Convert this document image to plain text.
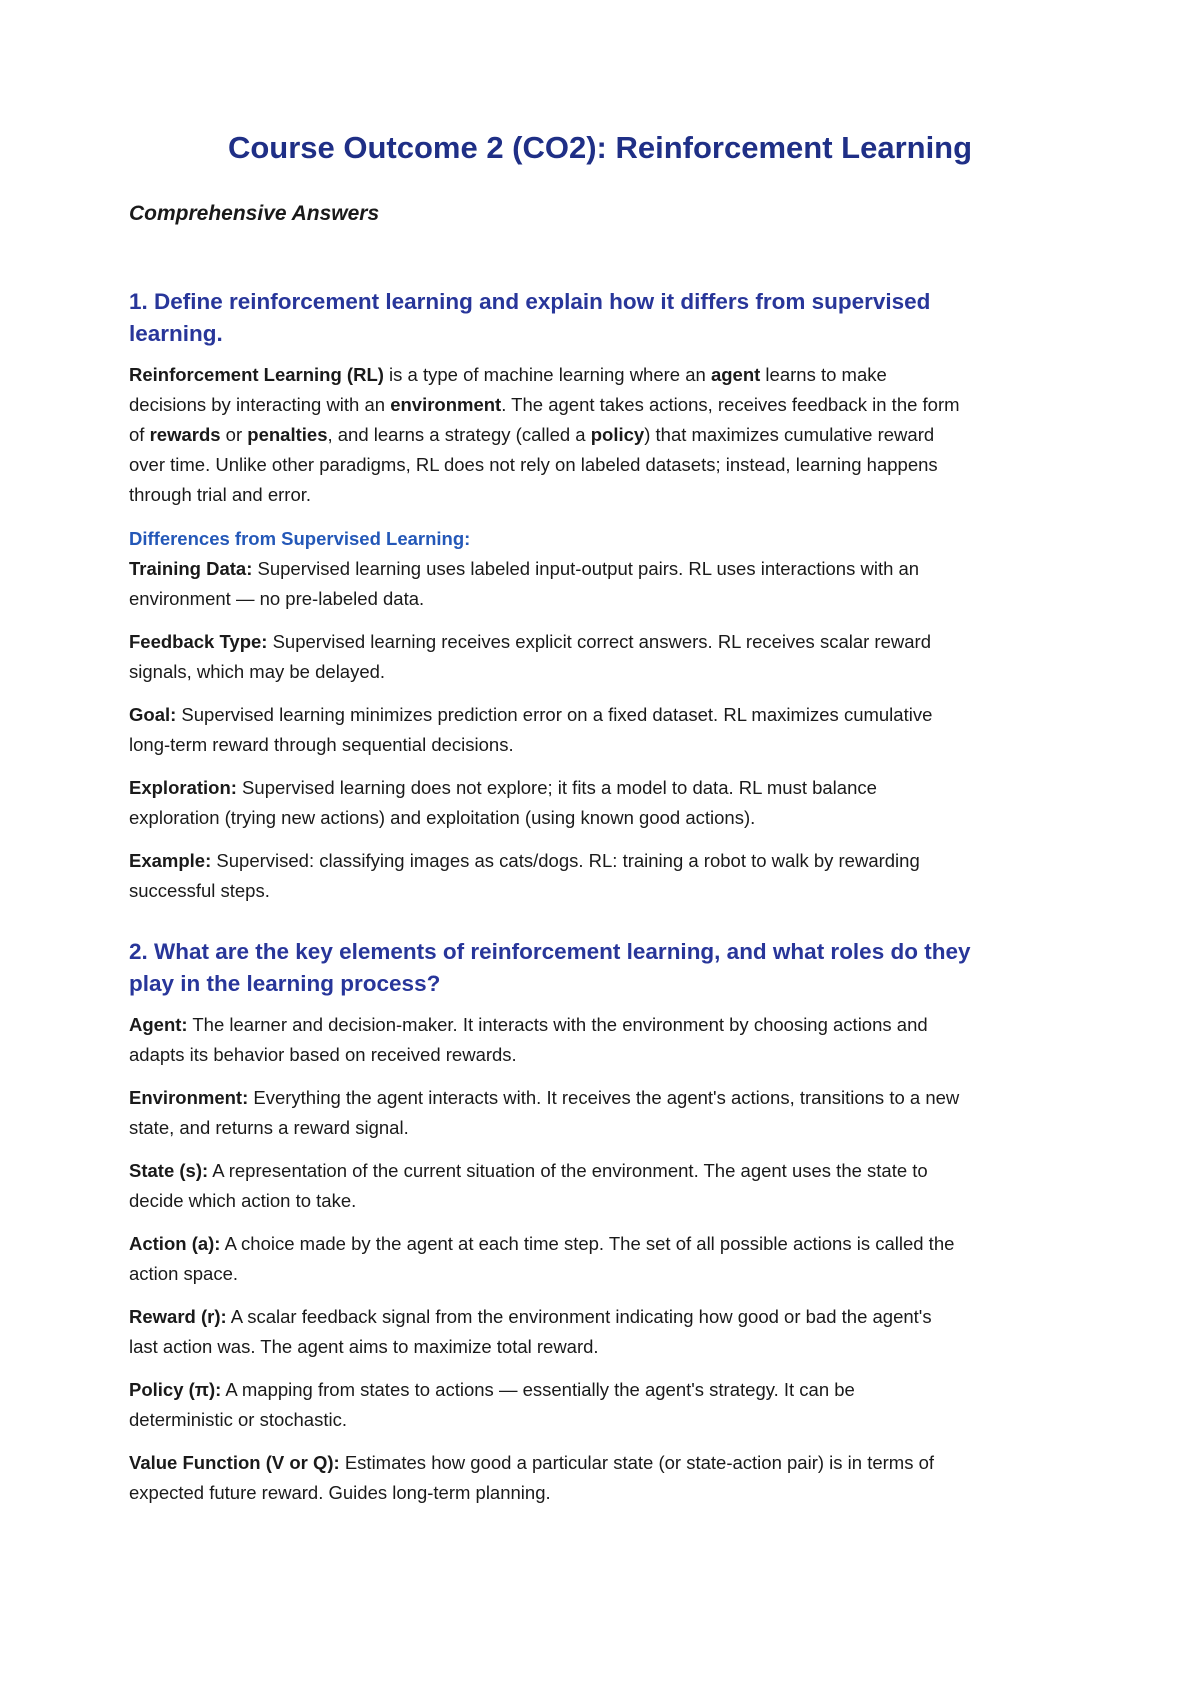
Course Outcome 2 (CO2): Reinforcement Learning
Comprehensive Answers
1. Define reinforcement learning and explain how it differs from supervised
learning.
Reinforcement Learning (RL) is a type of machine learning where an agent learns to make
decisions by interacting with an environment. The agent takes actions, receives feedback in the form
of rewards or penalties, and learns a strategy (called a policy) that maximizes cumulative reward
over time. Unlike other paradigms, RL does not rely on labeled datasets; instead, learning happens
through trial and error.
Differences from Supervised Learning:
Training Data: Supervised learning uses labeled input-output pairs. RL uses interactions with an
environment — no pre-labeled data.
Feedback Type: Supervised learning receives explicit correct answers. RL receives scalar reward
signals, which may be delayed.
Goal: Supervised learning minimizes prediction error on a fixed dataset. RL maximizes cumulative
long-term reward through sequential decisions.
Exploration: Supervised learning does not explore; it fits a model to data. RL must balance
exploration (trying new actions) and exploitation (using known good actions).
Example: Supervised: classifying images as cats/dogs. RL: training a robot to walk by rewarding
successful steps.
2. What are the key elements of reinforcement learning, and what roles do they
play in the learning process?
Agent: The learner and decision-maker. It interacts with the environment by choosing actions and
adapts its behavior based on received rewards.
Environment: Everything the agent interacts with. It receives the agent's actions, transitions to a new
state, and returns a reward signal.
State (s): A representation of the current situation of the environment. The agent uses the state to
decide which action to take.
Action (a): A choice made by the agent at each time step. The set of all possible actions is called the
action space.
Reward (r): A scalar feedback signal from the environment indicating how good or bad the agent's
last action was. The agent aims to maximize total reward.
Policy (π): A mapping from states to actions — essentially the agent's strategy. It can be
deterministic or stochastic.
Value Function (V or Q): Estimates how good a particular state (or state-action pair) is in terms of
expected future reward. Guides long-term planning.
